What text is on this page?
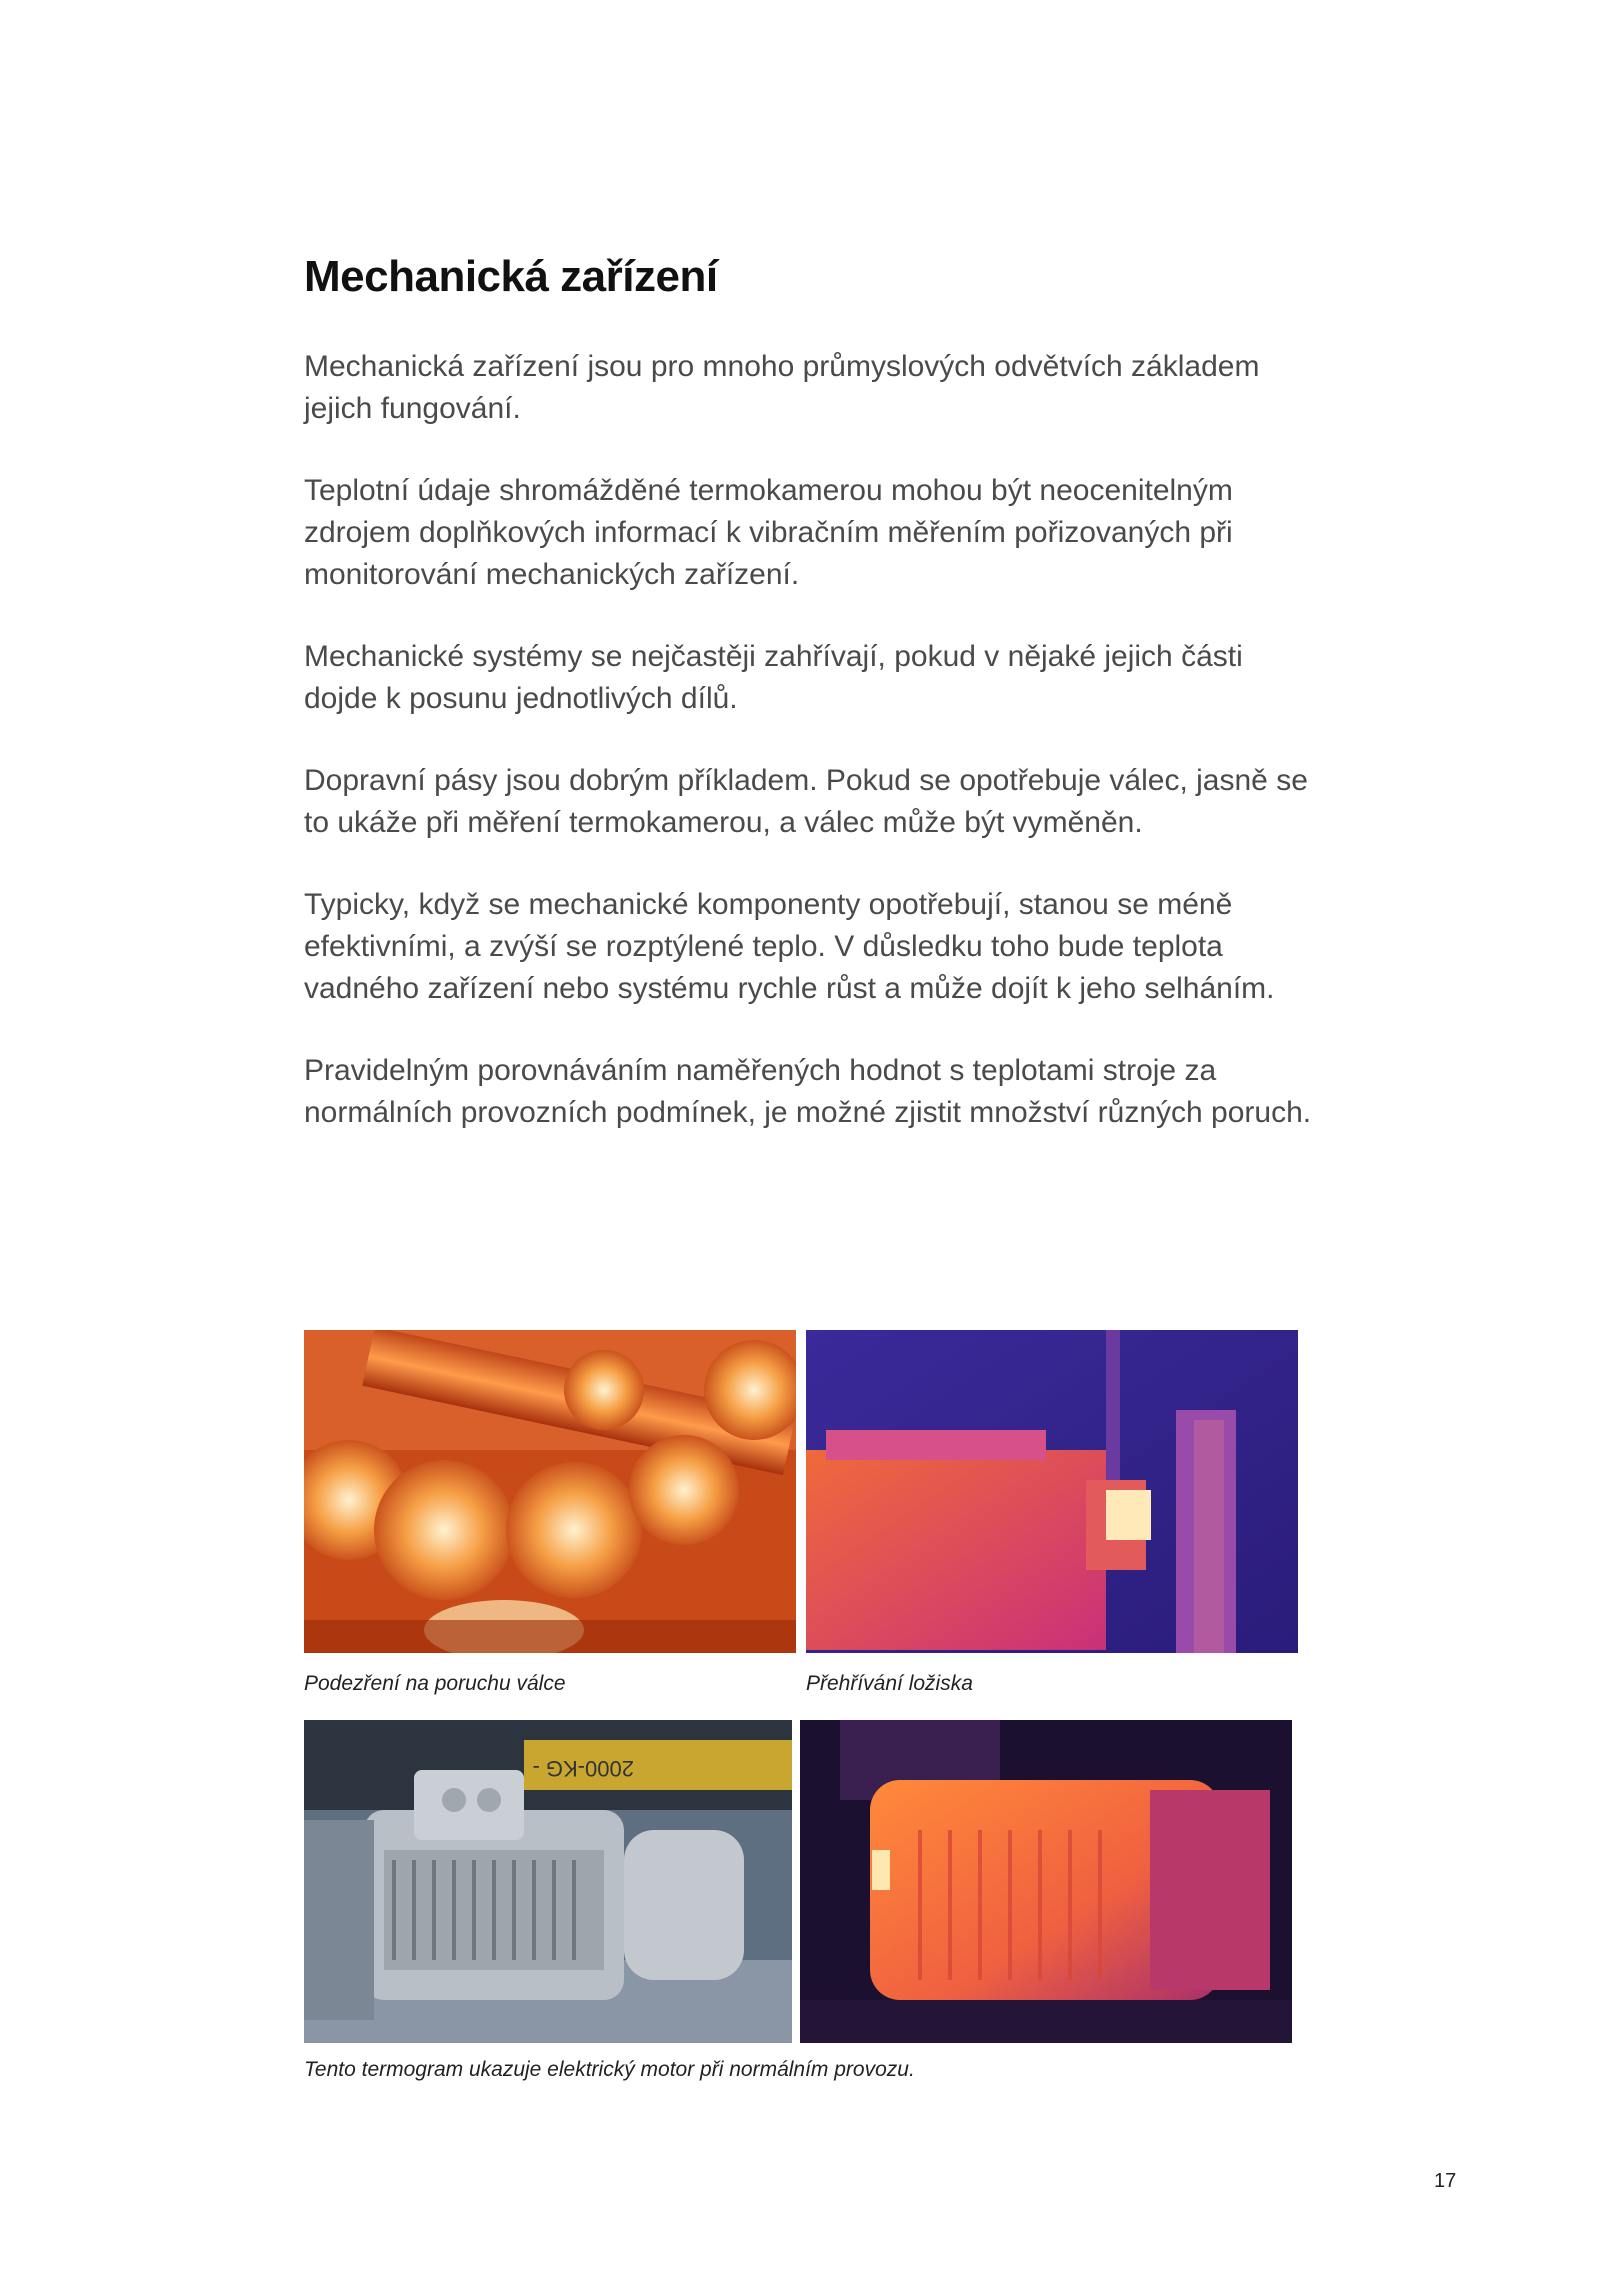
Mechanická zařízení

Mechanická zařízení jsou pro mnoho průmyslových odvětvích základem jejich fungování.

Teplotní údaje shromážděné termokamerou mohou být neocenitelným zdrojem doplňkových informací k vibračním měřením pořizovaných při monitorování mechanických zařízení.

Mechanické systémy se nejčastěji zahřívají, pokud v nějaké jejich části dojde k posunu jednotlivých dílů.

Dopravní pásy jsou dobrým příkladem. Pokud se opotřebuje válec, jasně se to ukáže při měření termokamerou, a válec může být vyměněn.

Typicky, když se mechanické komponenty opotřebují, stanou se méně efektivními, a zvýší se rozptýlené teplo. V důsledku toho bude teplota vadného zařízení nebo systému rychle růst a může dojít k jeho selháním.

Pravidelným porovnáváním naměřených hodnot s teplotami stroje za normálních provozních podmínek, je možné zjistit množství různých poruch.

Podezření na poruchu válce	Přehřívání ložiska
2000-KG -
Tento termogram ukazuje elektrický motor při normálním provozu.
17
